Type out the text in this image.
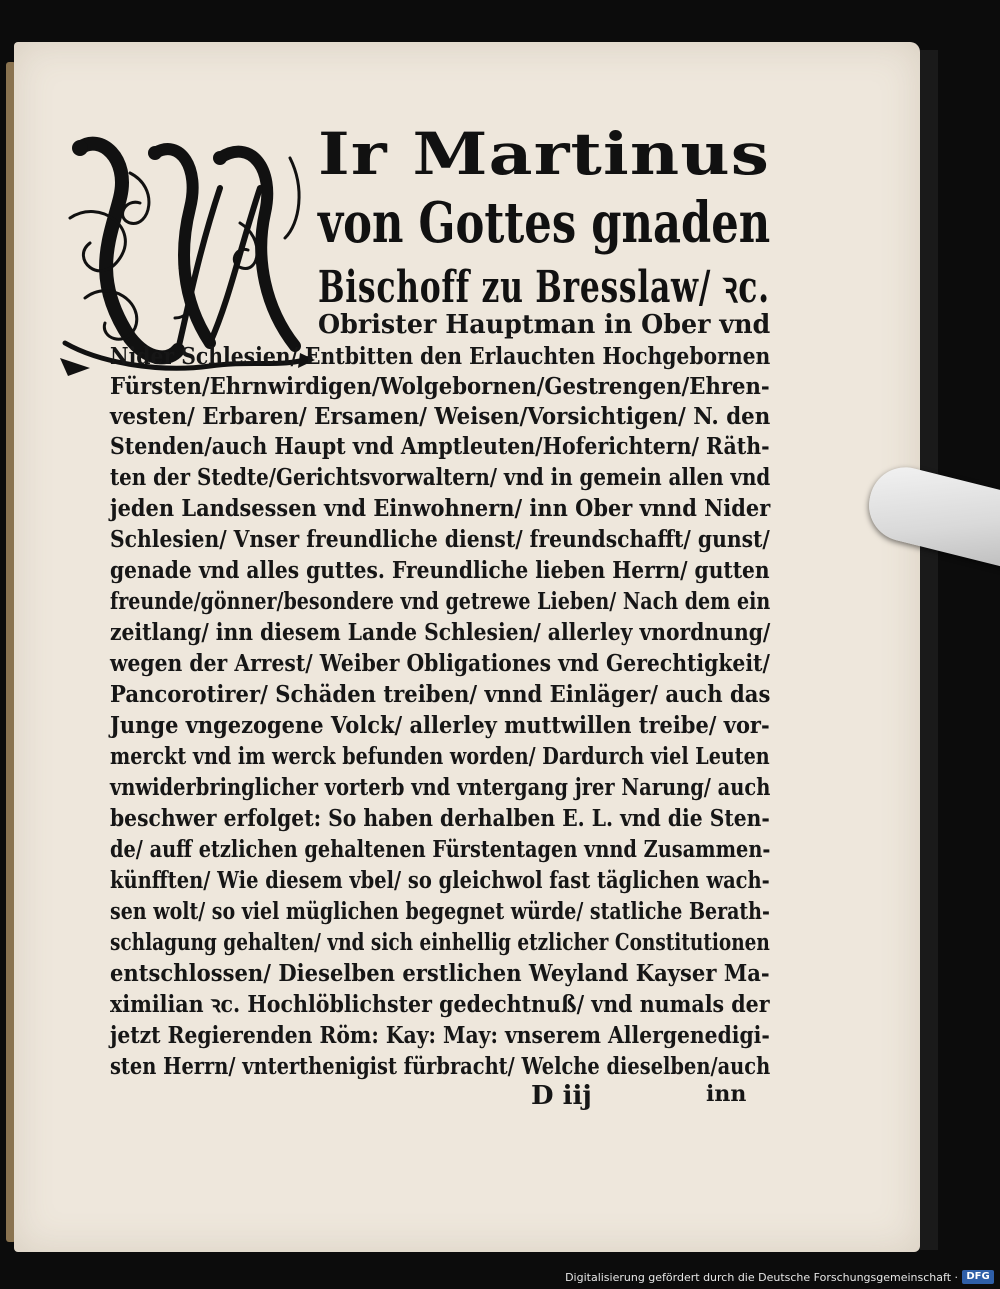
Ir Martinus
von Gottes gnaden
Bischoff zu Bresslaw/ ꝛc.
Obrister Hauptman in Ober vnd
Nider Schlesien/ Entbitten den Erlauchten Hochgebornen
Fürsten/Ehrnwirdigen/Wolgebornen/Gestrengen/Ehren-
vesten/ Erbaren/ Ersamen/ Weisen/Vorsichtigen/ N. den
Stenden/auch Haupt vnd Amptleuten/Hoferichtern/ Räth-
ten der Stedte/Gerichtsvorwaltern/ vnd in gemein allen vnd
jeden Landsessen vnd Einwohnern/ inn Ober vnnd Nider
Schlesien/ Vnser freundliche dienst/ freundschafft/ gunst/
genade vnd alles guttes. Freundliche lieben Herrn/ gutten
freunde/gönner/besondere vnd getrewe Lieben/ Nach dem ein
zeitlang/ inn diesem Lande Schlesien/ allerley vnordnung/
wegen der Arrest/ Weiber Obligationes vnd Gerechtigkeit/
Pancorotirer/ Schäden treiben/ vnnd Einläger/ auch das
Junge vngezogene Volck/ allerley muttwillen treibe/ vor-
merckt vnd im werck befunden worden/ Dardurch viel Leuten
vnwiderbringlicher vorterb vnd vntergang jrer Narung/ auch
beschwer erfolget: So haben derhalben E. L. vnd die Sten-
de/ auff etzlichen gehaltenen Fürstentagen vnnd Zusammen-
künfften/ Wie diesem vbel/ so gleichwol fast täglichen wach-
sen wolt/ so viel müglichen begegnet würde/ statliche Berath-
schlagung gehalten/ vnd sich einhellig etzlicher Constitutionen
entschlossen/ Dieselben erstlichen Weyland Kayser Ma-
ximilian ꝛc. Hochlöblichster gedechtnuß/ vnd numals der
jetzt Regierenden Röm: Kay: May: vnserem Allergenedigi-
sten Herrn/ vnterthenigist fürbracht/ Welche dieselben/auch
D iij	inn
Digitalisierung gefördert durch die Deutsche Forschungsgemeinschaft · DFG
